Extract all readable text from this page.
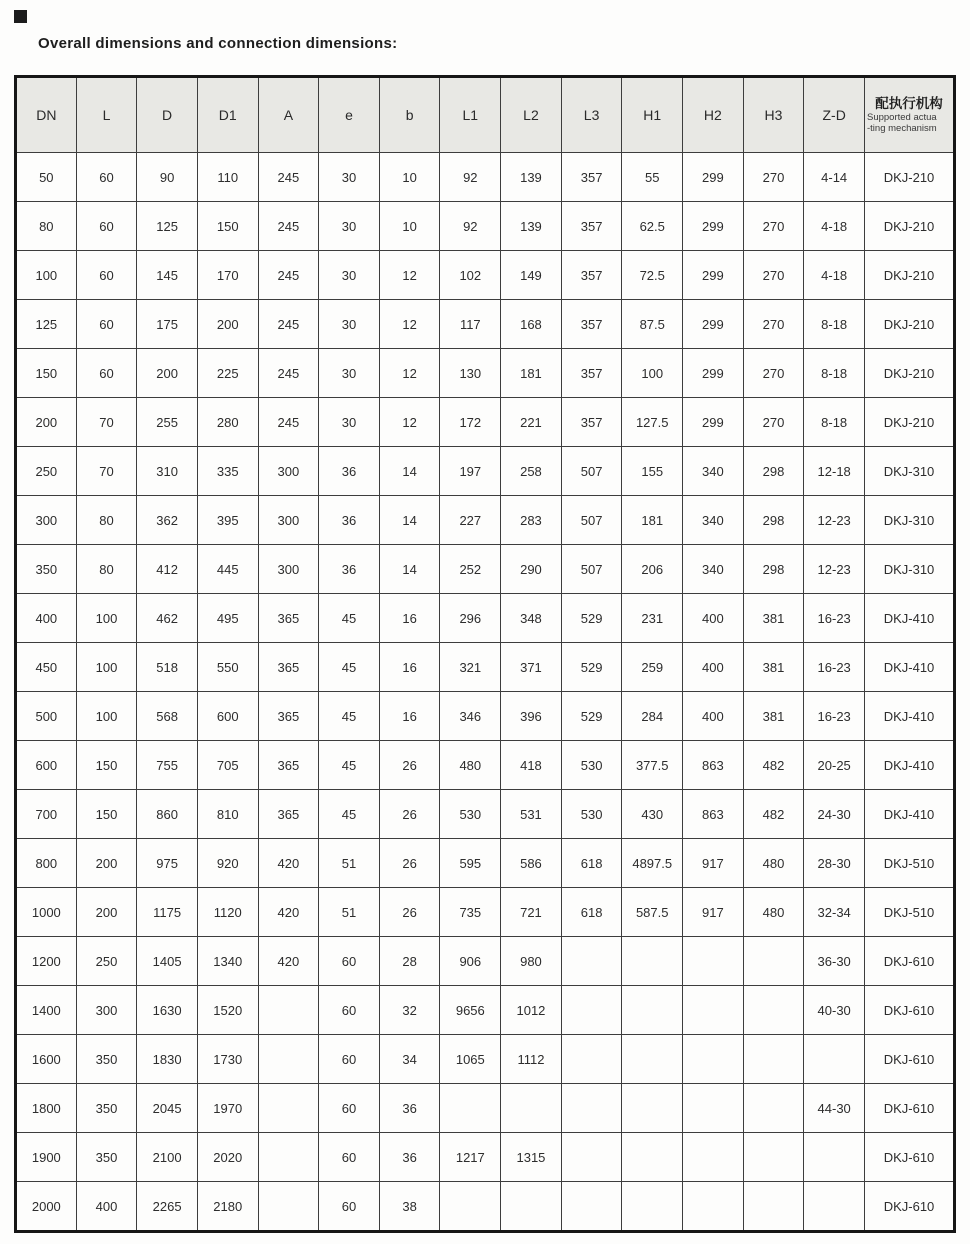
Overall dimensions and connection dimensions:
DN	L	D	D1	A	e	b	L1	L2	L3	H1	H2	H3	Z-D	配执行机构
Supported actua
-ting mechanism

50	60	90	110	245	30	10	92	139	357	55	299	270	4-14	DKJ-210
80	60	125	150	245	30	10	92	139	357	62.5	299	270	4-18	DKJ-210
100	60	145	170	245	30	12	102	149	357	72.5	299	270	4-18	DKJ-210
125	60	175	200	245	30	12	117	168	357	87.5	299	270	8-18	DKJ-210
150	60	200	225	245	30	12	130	181	357	100	299	270	8-18	DKJ-210
200	70	255	280	245	30	12	172	221	357	127.5	299	270	8-18	DKJ-210
250	70	310	335	300	36	14	197	258	507	155	340	298	12-18	DKJ-310
300	80	362	395	300	36	14	227	283	507	181	340	298	12-23	DKJ-310
350	80	412	445	300	36	14	252	290	507	206	340	298	12-23	DKJ-310
400	100	462	495	365	45	16	296	348	529	231	400	381	16-23	DKJ-410
450	100	518	550	365	45	16	321	371	529	259	400	381	16-23	DKJ-410
500	100	568	600	365	45	16	346	396	529	284	400	381	16-23	DKJ-410
600	150	755	705	365	45	26	480	418	530	377.5	863	482	20-25	DKJ-410
700	150	860	810	365	45	26	530	531	530	430	863	482	24-30	DKJ-410
800	200	975	920	420	51	26	595	586	618	4897.5	917	480	28-30	DKJ-510
1000	200	1175	1120	420	51	26	735	721	618	587.5	917	480	32-34	DKJ-510
1200	250	1405	1340	420	60	28	906	980					36-30	DKJ-610
1400	300	1630	1520		60	32	9656	1012					40-30	DKJ-610
1600	350	1830	1730		60	34	1065	1112						DKJ-610
1800	350	2045	1970		60	36							44-30	DKJ-610
1900	350	2100	2020		60	36	1217	1315						DKJ-610
2000	400	2265	2180		60	38								DKJ-610
